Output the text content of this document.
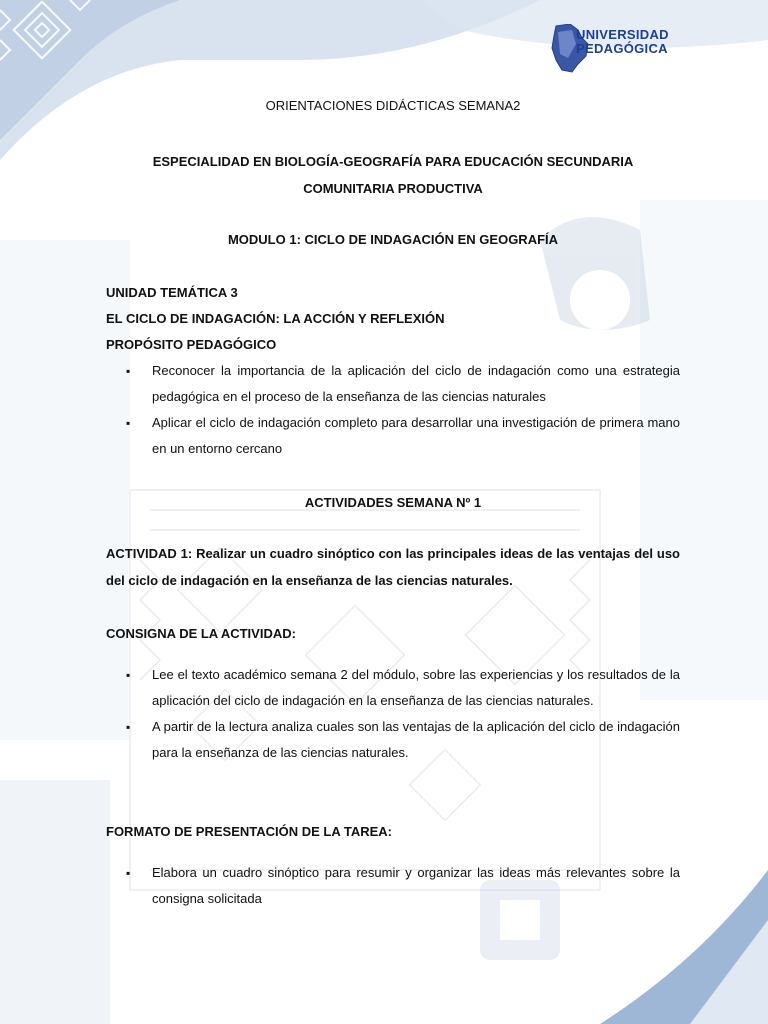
UNIVERSIDAD
PEDAGÓGICA
ORIENTACIONES DIDÁCTICAS SEMANA2
ESPECIALIDAD EN BIOLOGÍA-GEOGRAFÍA PARA EDUCACIÓN SECUNDARIA
COMUNITARIA PRODUCTIVA
MODULO 1: CICLO DE INDAGACIÓN EN GEOGRAFÍA
UNIDAD TEMÁTICA 3
EL CICLO DE INDAGACIÓN: LA ACCIÓN Y REFLEXIÓN
PROPÓSITO PEDAGÓGICO
▪ Reconocer la importancia de la aplicación del ciclo de indagación como una estrategia pedagógica en el proceso de la enseñanza de las ciencias naturales
▪ Aplicar el ciclo de indagación completo para desarrollar una investigación de primera mano en un entorno cercano
ACTIVIDADES SEMANA Nº 1
ACTIVIDAD 1: Realizar un cuadro sinóptico con las principales ideas de las ventajas del uso del ciclo de indagación en la enseñanza de las ciencias naturales.
CONSIGNA DE LA ACTIVIDAD:
▪ Lee el texto académico semana 2 del módulo, sobre las experiencias y los resultados de la aplicación del ciclo de indagación en la enseñanza de las ciencias naturales.
▪ A partir de la lectura analiza cuales son las ventajas de la aplicación del ciclo de indagación para la enseñanza de las ciencias naturales.
FORMATO DE PRESENTACIÓN DE LA TAREA:
▪ Elabora un cuadro sinóptico para resumir y organizar las ideas más relevantes sobre la consigna solicitada
